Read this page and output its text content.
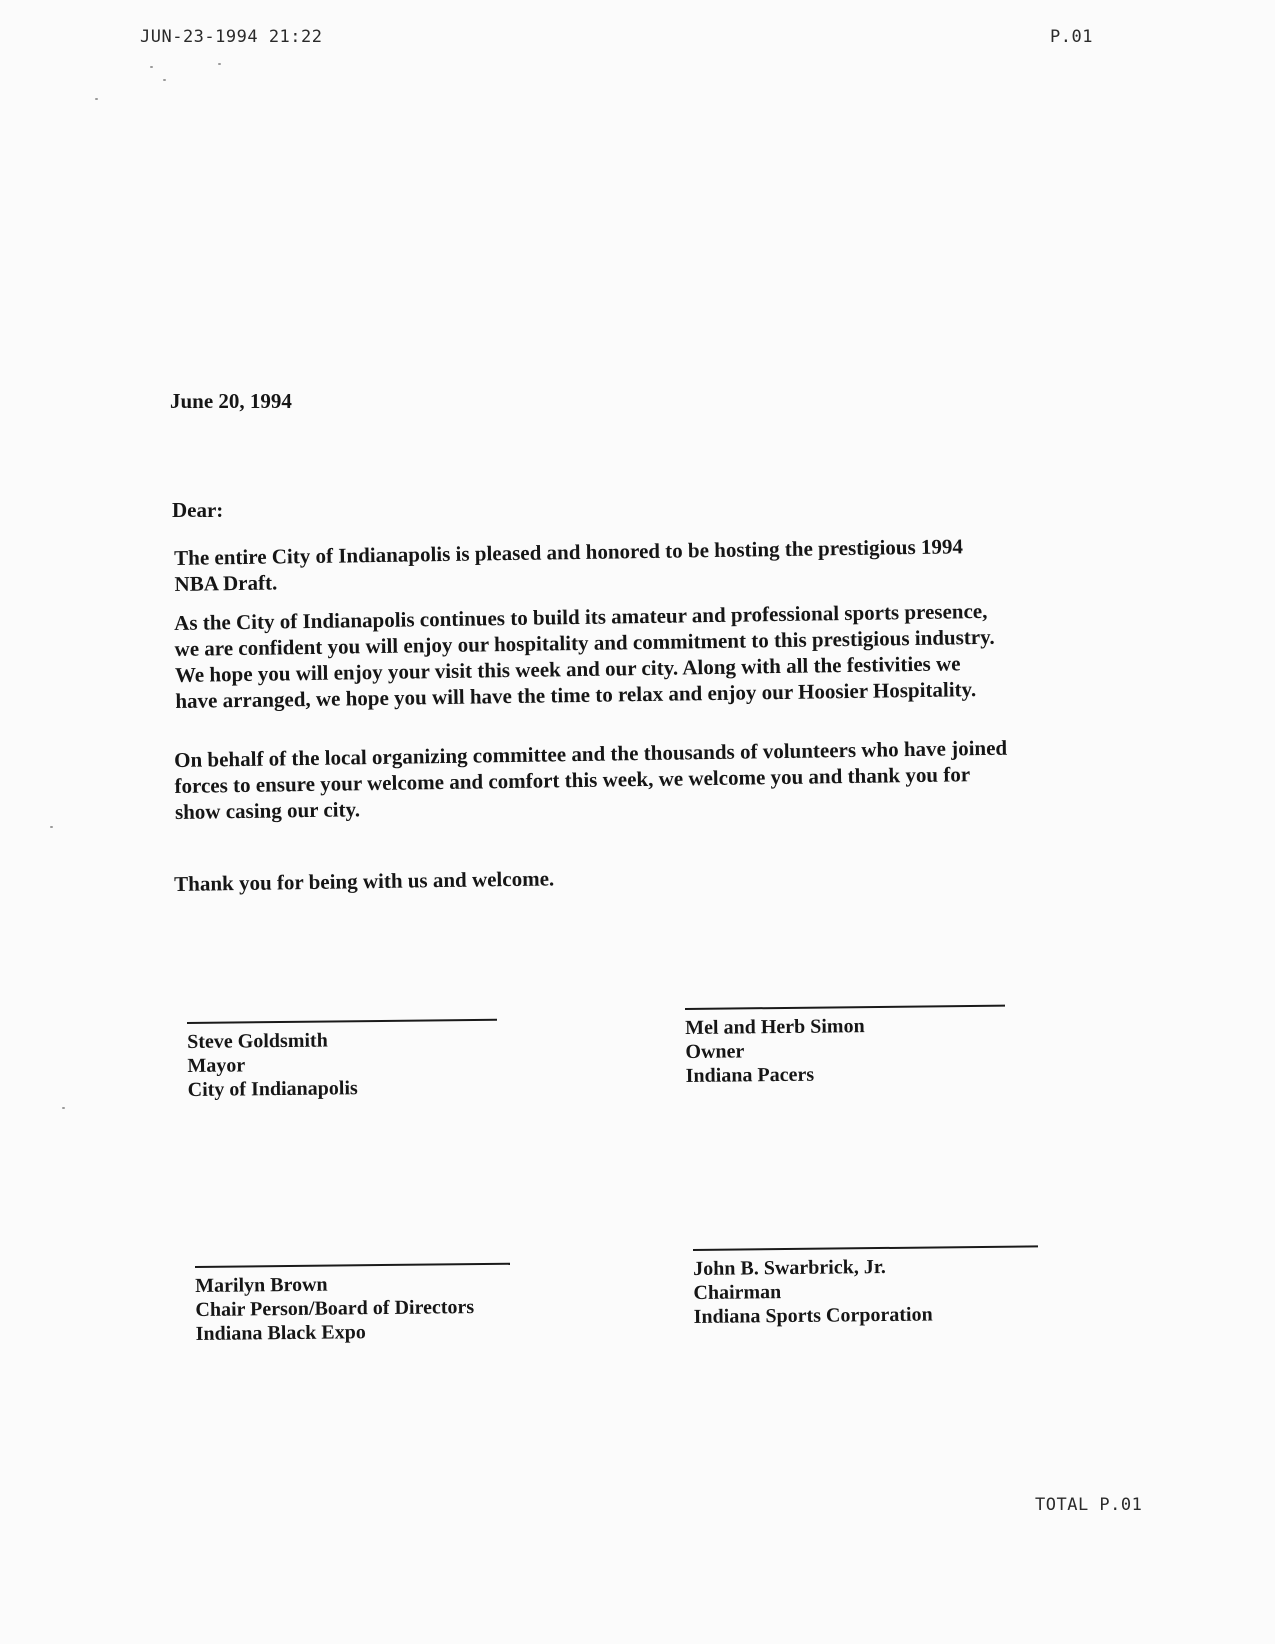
JUN-23-1994 21:22	P.01
June 20, 1994
Dear:

The entire City of Indianapolis is pleased and honored to be hosting the prestigious 1994
NBA Draft.

As the City of Indianapolis continues to build its amateur and professional sports presence,
we are confident you will enjoy our hospitality and commitment to this prestigious industry.
We hope you will enjoy your visit this week and our city. Along with all the festivities we
have arranged, we hope you will have the time to relax and enjoy our Hoosier Hospitality.

On behalf of the local organizing committee and the thousands of volunteers who have joined
forces to ensure your welcome and comfort this week, we welcome you and thank you for
show casing our city.

Thank you for being with us and welcome.

Steve Goldsmith
Mayor
City of Indianapolis
Mel and Herb Simon
Owner
Indiana Pacers
Marilyn Brown
Chair Person/Board of Directors
Indiana Black Expo
John B. Swarbrick, Jr.
Chairman
Indiana Sports Corporation
TOTAL P.01
